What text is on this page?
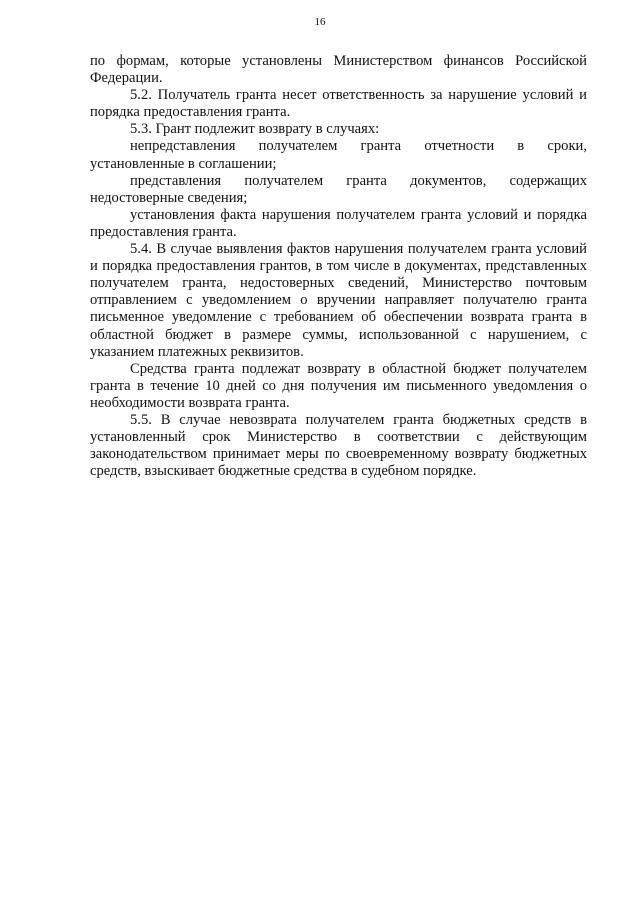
16

по формам, которые установлены Министерством финансов Российской Федерации.

5.2. Получатель гранта несет ответственность за нарушение условий и порядка предоставления гранта.

5.3. Грант подлежит возврату в случаях:

непредставления получателем гранта отчетности в сроки, установленные в соглашении;

представления получателем гранта документов, содержащих недостоверные сведения;

установления факта нарушения получателем гранта условий и порядка предоставления гранта.

5.4. В случае выявления фактов нарушения получателем гранта условий и порядка предоставления грантов, в том числе в документах, представленных получателем гранта, недостоверных сведений, Министерство почтовым отправлением с уведомлением о вручении направляет получателю гранта письменное уведомление с требованием об обеспечении возврата гранта в областной бюджет в размере суммы, использованной с нарушением, с указанием платежных реквизитов.

Средства гранта подлежат возврату в областной бюджет получателем гранта в течение 10 дней со дня получения им письменного уведомления о необходимости возврата гранта.

5.5. В случае невозврата получателем гранта бюджетных средств в установленный срок Министерство в соответствии с действующим законодательством принимает меры по своевременному возврату бюджетных средств, взыскивает бюджетные средства в судебном порядке.
